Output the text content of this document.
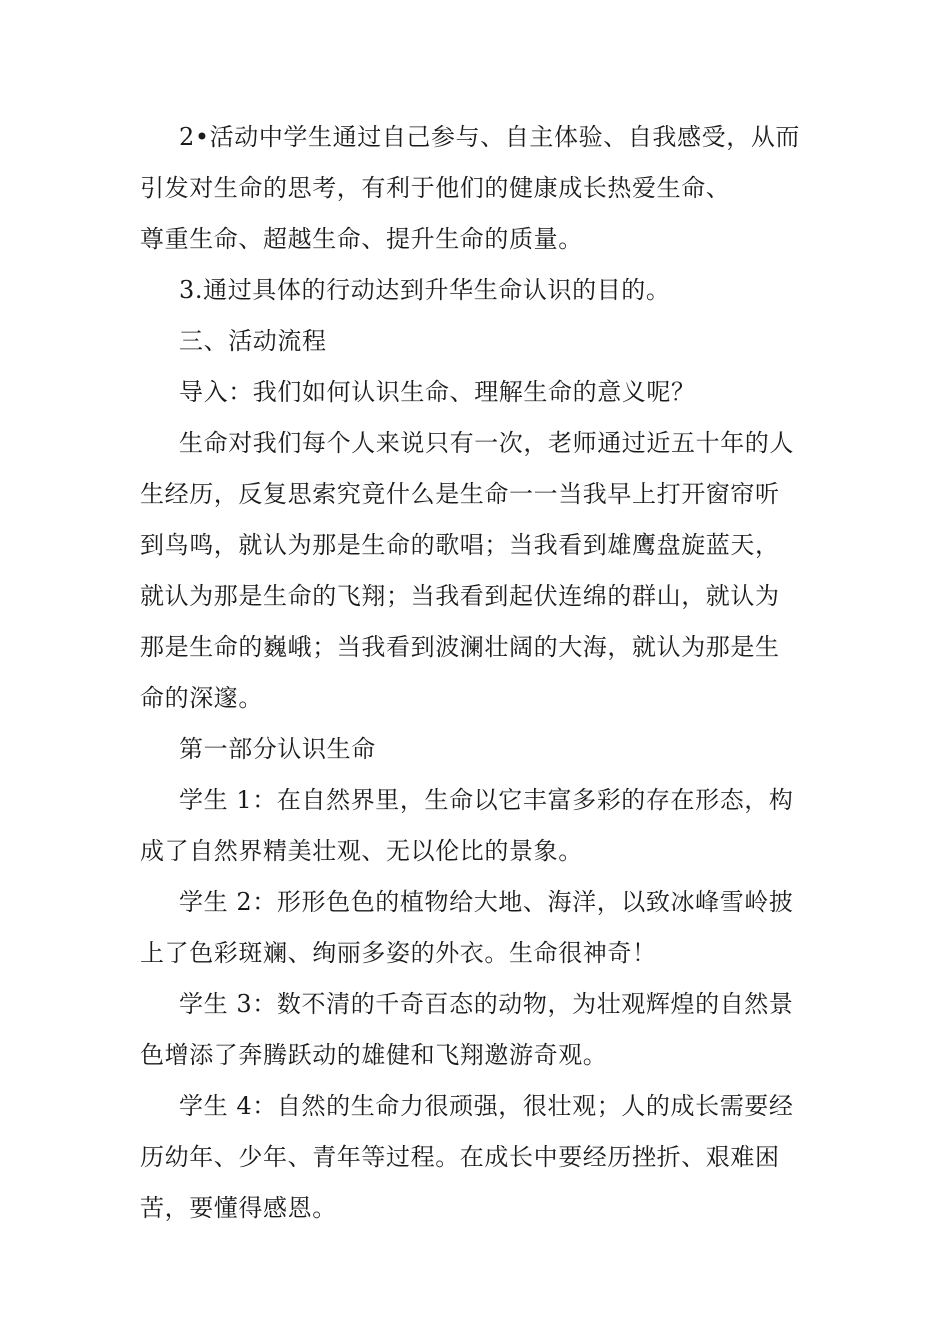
2•活动中学生通过自己参与、自主体验、自我感受，从而
引发对生命的思考，有利于他们的健康成长热爱生命、
尊重生命、超越生命、提升生命的质量。

3.通过具体的行动达到升华生命认识的目的。

三、活动流程

导入：我们如何认识生命、理解生命的意义呢？

生命对我们每个人来说只有一次，老师通过近五十年的人
生经历，反复思索究竟什么是生命一一当我早上打开窗帘听
到鸟鸣，就认为那是生命的歌唱；当我看到雄鹰盘旋蓝天，
就认为那是生命的飞翔；当我看到起伏连绵的群山，就认为
那是生命的巍峨；当我看到波澜壮阔的大海，就认为那是生
命的深邃。

第一部分认识生命

学生 1：在自然界里，生命以它丰富多彩的存在形态，构
成了自然界精美壮观、无以伦比的景象。

学生 2：形形色色的植物给大地、海洋，以致冰峰雪岭披
上了色彩斑斓、绚丽多姿的外衣。生命很神奇！

学生 3：数不清的千奇百态的动物，为壮观辉煌的自然景
色增添了奔腾跃动的雄健和飞翔邀游奇观。

学生 4：自然的生命力很顽强，很壮观；人的成长需要经
历幼年、少年、青年等过程。在成长中要经历挫折、艰难困
苦，要懂得感恩。
